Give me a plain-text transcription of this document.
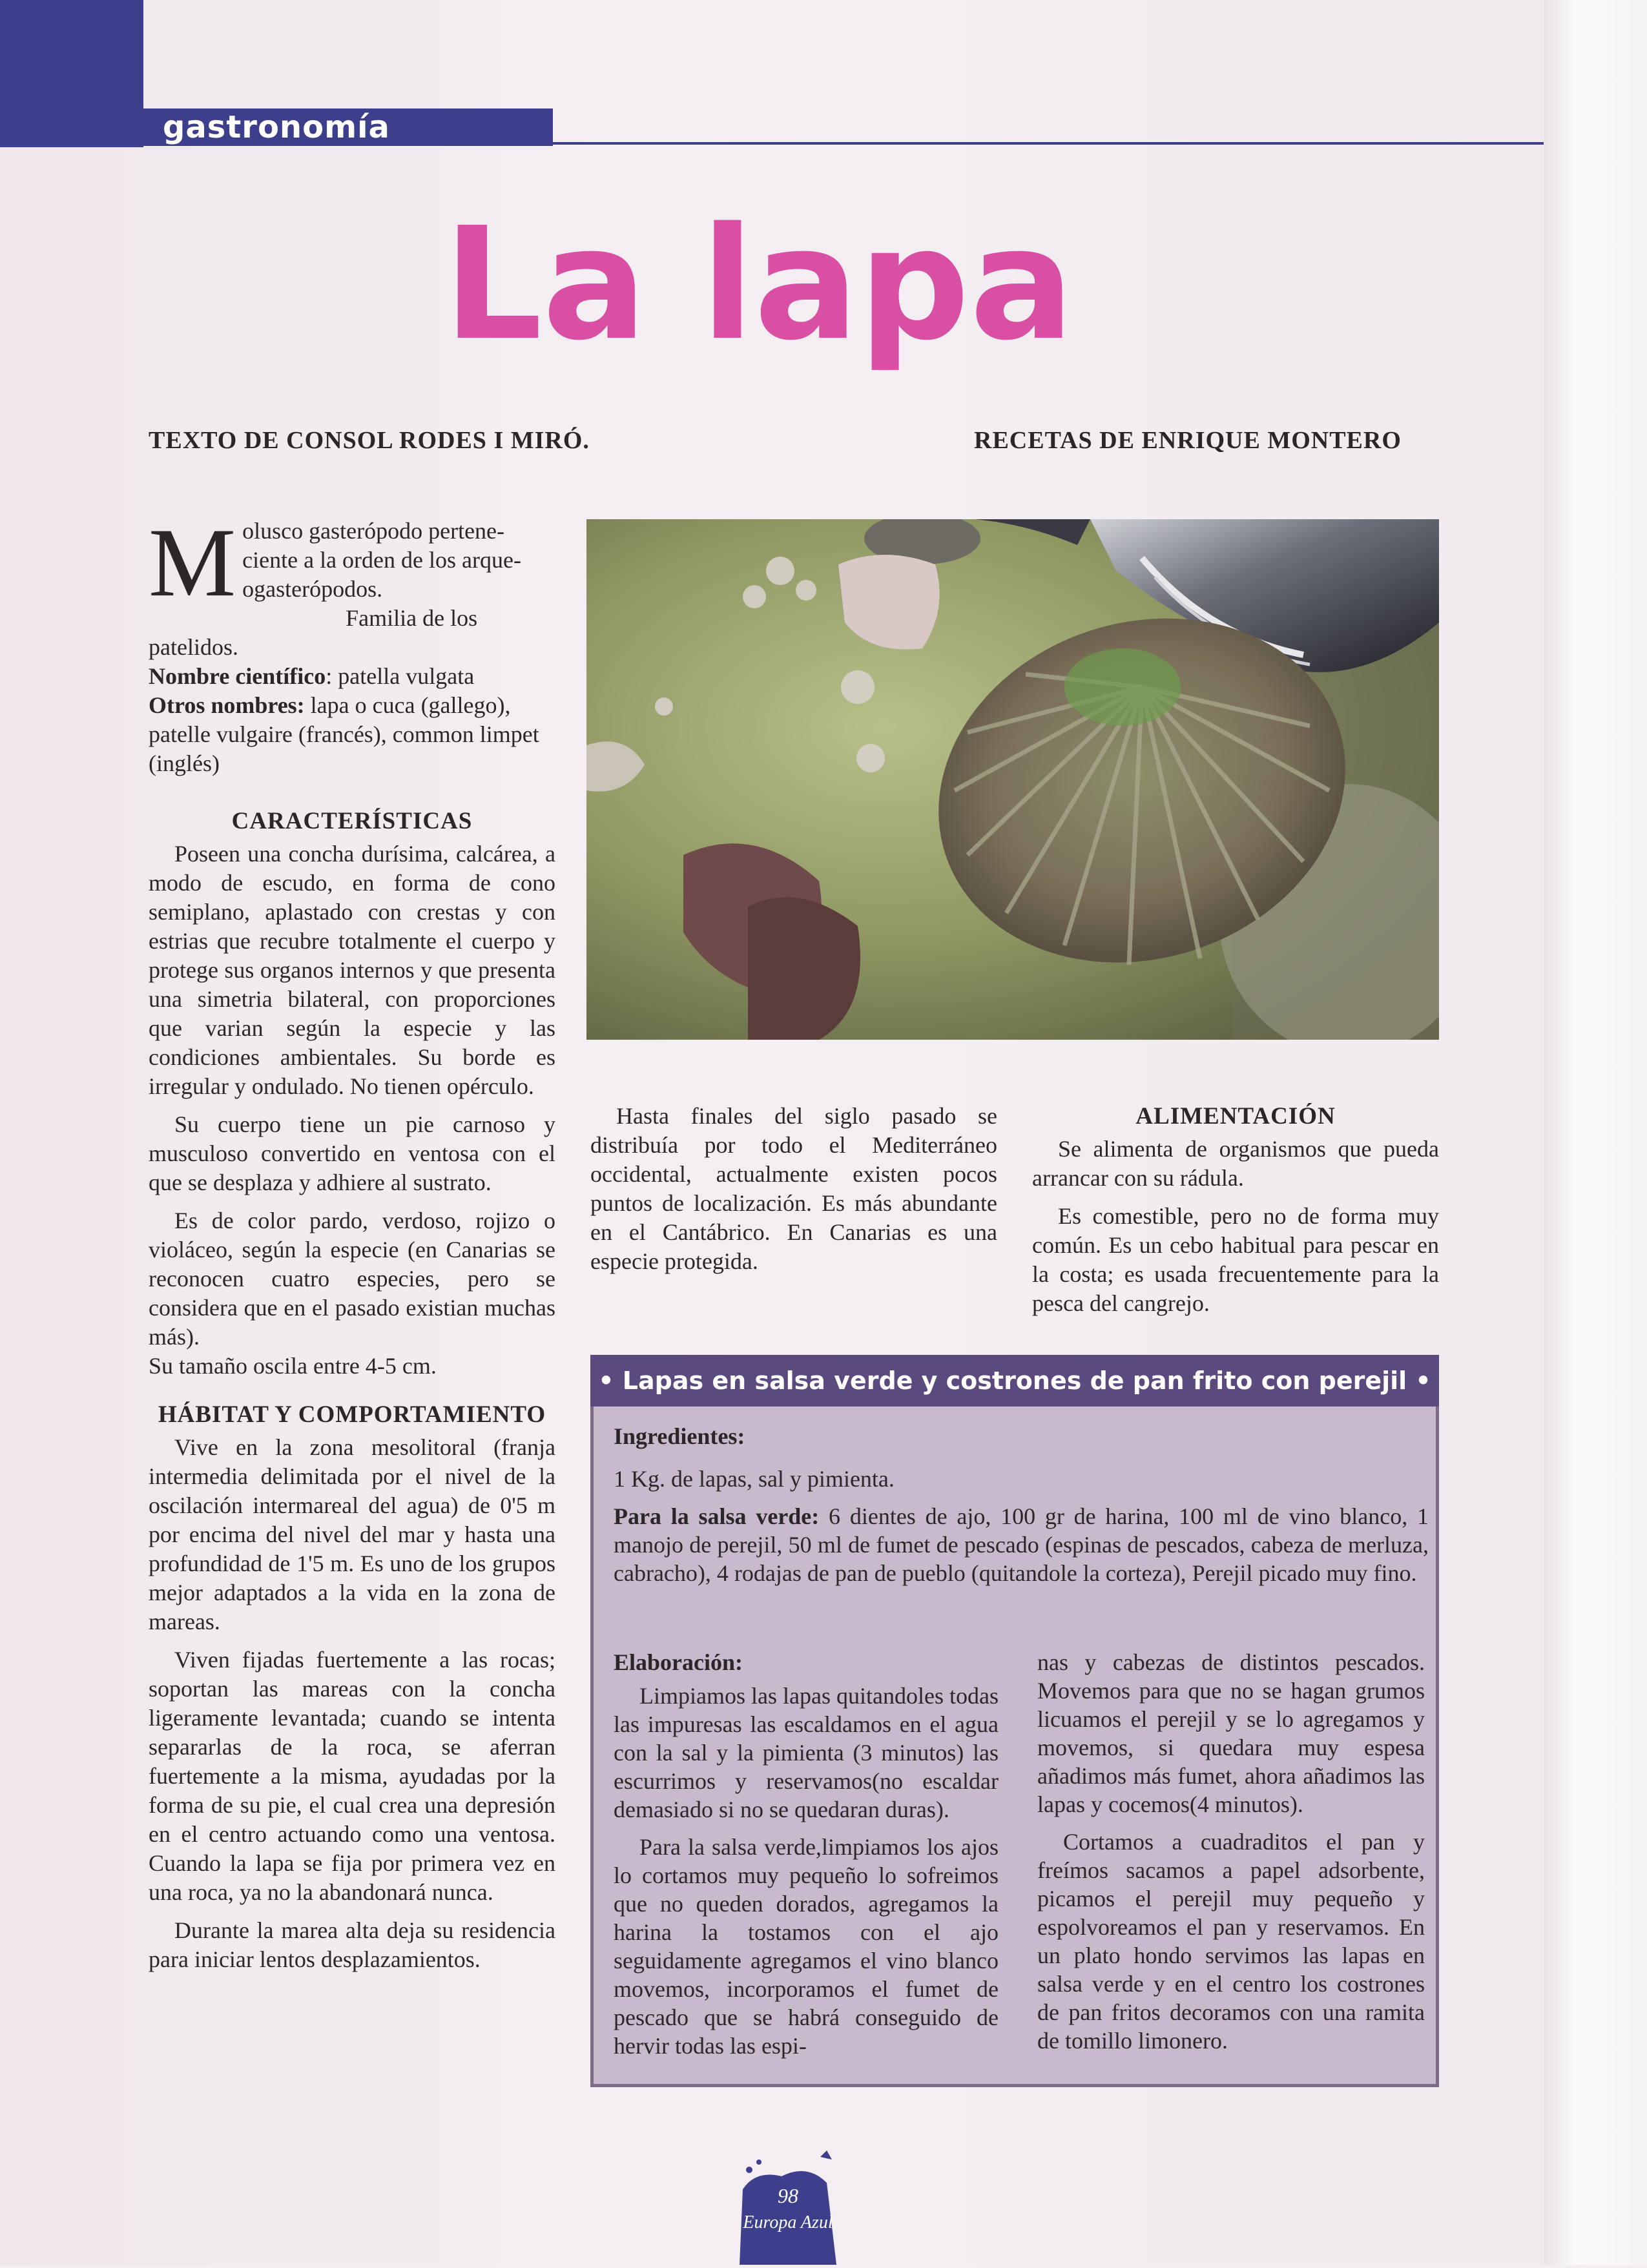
gastronomía
La lapa
TEXTO DE CONSOL RODES I MIRÓ.	RECETAS DE ENRIQUE MONTERO
M olusco gasterópodo pertene-
ciente a la orden de los arque-
ogasterópodos.
Familia de los patelidos.
Nombre científico: patella vulgata
Otros nombres: lapa o cuca (gallego), patelle vulgaire (francés), common limpet (inglés)
CARACTERÍSTICAS

Poseen una concha durísima, calcárea, a modo de escudo, en forma de cono semiplano, aplastado con crestas y con estrias que recubre totalmente el cuerpo y protege sus organos internos y que presenta una simetria bilateral, con proporciones que varian según la especie y las condiciones ambientales. Su borde es irregular y ondulado. No tienen opérculo.

Su cuerpo tiene un pie carnoso y musculoso convertido en ventosa con el que se desplaza y adhiere al sustrato.

Es de color pardo, verdoso, rojizo o violáceo, según la especie (en Canarias se reconocen cuatro especies, pero se considera que en el pasado existian muchas más).

Su tamaño oscila entre 4-5 cm.

HÁBITAT Y COMPORTAMIENTO

Vive en la zona mesolitoral (franja intermedia delimitada por el nivel de la oscilación intermareal del agua) de 0'5 m por encima del nivel del mar y hasta una profundidad de 1'5 m. Es uno de los grupos mejor adaptados a la vida en la zona de mareas.

Viven fijadas fuertemente a las rocas; soportan las mareas con la concha ligeramente levantada; cuando se intenta separarlas de la roca, se aferran fuertemente a la misma, ayudadas por la forma de su pie, el cual crea una depresión en el centro actuando como una ventosa. Cuando la lapa se fija por primera vez en una roca, ya no la abandonará nunca.

Durante la marea alta deja su residencia para iniciar lentos desplazamientos.

Hasta finales del siglo pasado se distribuía por todo el Mediterráneo occidental, actualmente existen pocos puntos de localización. Es más abundante en el Cantábrico. En Canarias es una especie protegida.

ALIMENTACIÓN

Se alimenta de organismos que pueda arrancar con su rádula.

Es comestible, pero no de forma muy común. Es un cebo habitual para pescar en la costa; es usada frecuentemente para la pesca del cangrejo.

• Lapas en salsa verde y costrones de pan frito con perejil •

Ingredientes:

1 Kg. de lapas, sal y pimienta.

Para la salsa verde: 6 dientes de ajo, 100 gr de harina, 100 ml de vino blanco, 1 manojo de perejil, 50 ml de fumet de pescado (espinas de pescados, cabeza de merluza, cabracho), 4 rodajas de pan de pueblo (quitandole la corteza), Perejil picado muy fino.

Elaboración:

Limpiamos las lapas quitandoles todas las impuresas las escaldamos en el agua con la sal y la pimienta (3 minutos) las escurrimos y reservamos(no escaldar demasiado si no se quedaran duras).

Para la salsa verde,limpiamos los ajos lo cortamos muy pequeño lo sofreimos que no queden dorados, agregamos la harina la tostamos con el ajo seguidamente agregamos el vino blanco movemos, incorporamos el fumet de pescado que se habrá conseguido de hervir todas las espi-

nas y cabezas de distintos pescados. Movemos para que no se hagan grumos licuamos el perejil y se lo agregamos y movemos, si quedara muy espesa añadimos más fumet, ahora añadimos las lapas y cocemos(4 minutos).

Cortamos a cuadraditos el pan y freímos sacamos a papel adsorbente, picamos el perejil muy pequeño y espolvoreamos el pan y reservamos. En un plato hondo servimos las lapas en salsa verde y en el centro los costrones de pan fritos decoramos con una ramita de tomillo limonero.

98
Europa Azul
